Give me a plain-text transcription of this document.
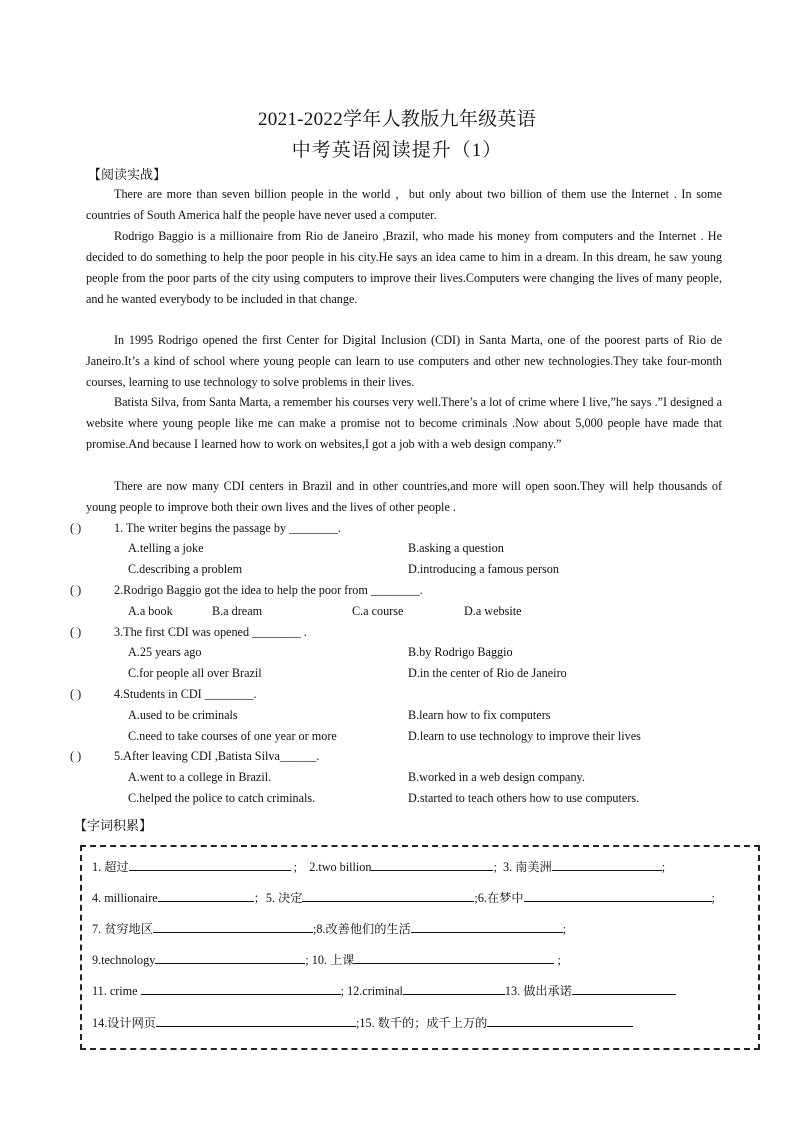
2021-2022学年人教版九年级英语
中考英语阅读提升（1）
【阅读实战】

There are more than seven billion people in the world ，but only about two billion of them use the Internet . In some countries of South America half the people have never used a computer.

Rodrigo Baggio is a millionaire from Rio de Janeiro ,Brazil, who made his money from computers and the Internet . He decided to do something to help the poor people in his city.He says an idea came to him in a dream. In this dream, he saw young people from the poor parts of the city using computers to improve their lives.Computers were changing the lives of many people, and he wanted everybody to be included in that change.

In 1995 Rodrigo opened the first Center for Digital Inclusion (CDI) in Santa Marta, one of the poorest parts of Rio de Janeiro.It’s a kind of school where young people can learn to use computers and other new technologies.They take four-month courses, learning to use technology to solve problems in their lives.

Batista Silva, from Santa Marta, a remember his courses very well.There’s a lot of crime where I live,”he says .”I designed a website where young people like me can make a promise not to become criminals .Now about 5,000 people have made that promise.And because I learned how to work on websites,I got a job with a web design company.”

There are now many CDI centers in Brazil and in other countries,and more will open soon.They will help thousands of young people to improve both their own lives and the lives of other people .

( )	1. The writer begins the passage by ________.
A.telling a joke	B.asking a question
C.describing a problem	D.introducing a famous person
( )	2.Rodrigo Baggio got the idea to help the poor from ________.
A.a book	B.a dream	C.a course	D.a website
( )	3.The first CDI was opened ________ .
A.25 years ago	B.by Rodrigo Baggio
C.for people all over Brazil	D.in the center of Rio de Janeiro
( )	4.Students in CDI ________.
A.used to be criminals	B.learn how to fix computers
C.need to take courses of one year or more	D.learn to use technology to improve their lives
( )	5.After leaving CDI ,Batista Silva______.
A.went to a college in Brazil.	B.worked in a web design company.
C.helped the police to catch criminals.	D.started to teach others how to use computers.
【字词积累】
1. 超过	; 2.two billion	; 3. 南美洲	;
4. millionaire	；5. 决定	;6.在梦中	;
7. 贫穷地区	;8.改善他们的生活	;
9.technology	; 10. 上课	;
11. crime	; 12.criminal	13. 做出承诺
14.设计网页	;15. 数千的；成千上万的
